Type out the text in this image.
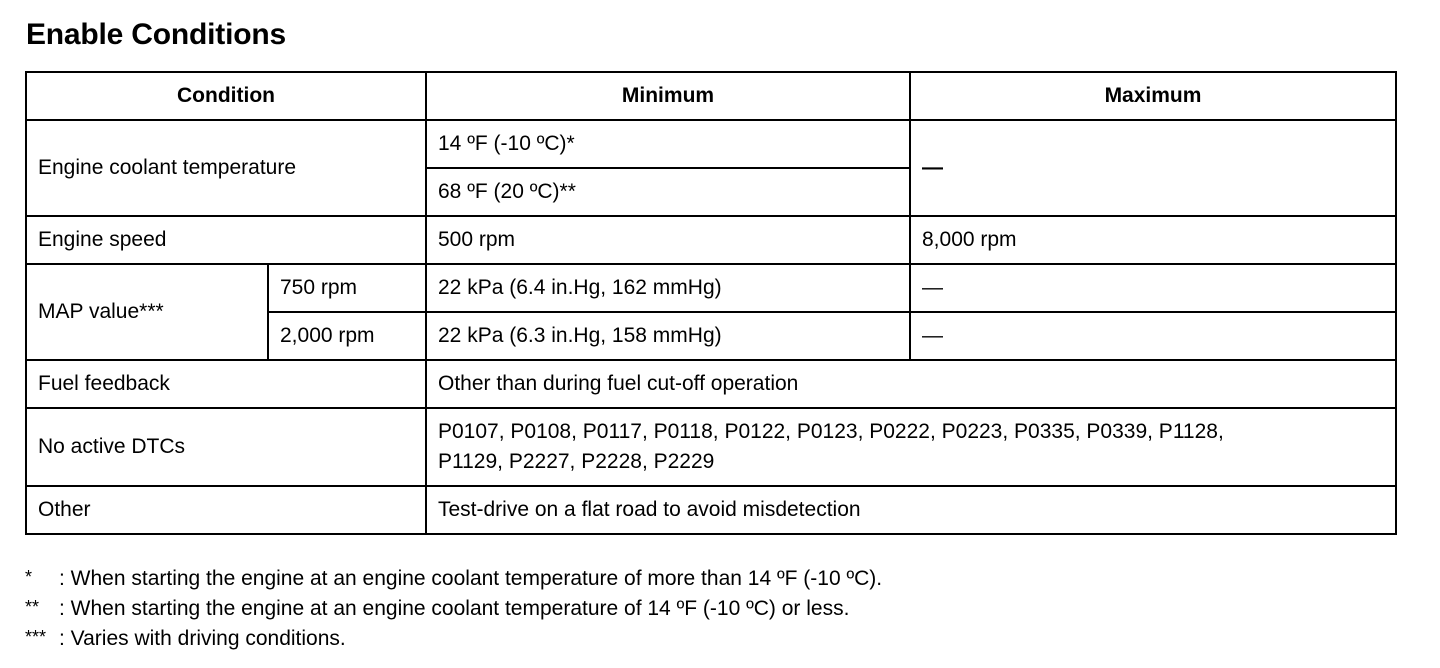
Enable Conditions
Condition		Minimum	Maximum
Engine coolant temperature		14 ºF (-10 ºC)*	—
		68 ºF (20 ºC)**	
Engine speed		500 rpm	8,000 rpm
MAP value***	750 rpm	22 kPa (6.4 in.Hg, 162 mmHg)	—
	2,000 rpm	22 kPa (6.3 in.Hg, 158 mmHg)	—
Fuel feedback		Other than during fuel cut-off operation	
No active DTCs		P0107, P0108, P0117, P0118, P0122, P0123, P0222, P0223, P0335, P0339, P1128,
P1129, P2227, P2228, P2229	

Other		Test-drive on a flat road to avoid misdetection	
* : When starting the engine at an engine coolant temperature of more than 14 ºF (-10 ºC).
** : When starting the engine at an engine coolant temperature of 14 ºF (-10 ºC) or less.
*** : Varies with driving conditions.
